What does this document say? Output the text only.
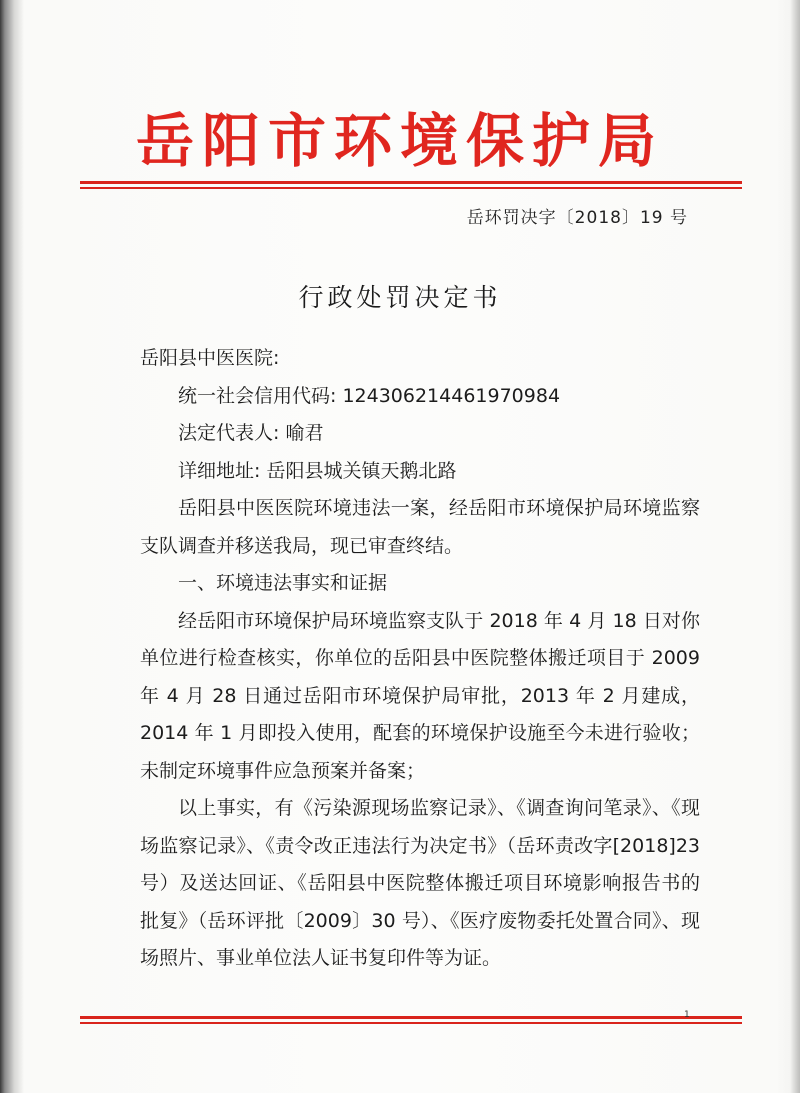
岳阳市环境保护局
岳环罚决字〔2018〕19 号
行政处罚决定书

岳阳县中医医院:

统一社会信用代码: 124306214461970984

法定代表人: 喻君

详细地址: 岳阳县城关镇天鹅北路

岳阳县中医医院环境违法一案，经岳阳市环境保护局环境监察支队调查并移送我局，现已审查终结。

一、环境违法事实和证据

经岳阳市环境保护局环境监察支队于 2018 年 4 月 18 日对你单位进行检查核实，你单位的岳阳县中医院整体搬迁项目于 2009 年 4 月 28 日通过岳阳市环境保护局审批，2013 年 2 月建成，2014 年 1 月即投入使用，配套的环境保护设施至今未进行验收；未制定环境事件应急预案并备案；

以上事实，有《污染源现场监察记录》、《调查询问笔录》、《现场监察记录》、《责令改正违法行为决定书》（岳环责改字[2018]23 号）及送达回证、《岳阳县中医院整体搬迁项目环境影响报告书的批复》（岳环评批〔2009〕30 号）、《医疗废物委托处置合同》、现场照片、事业单位法人证书复印件等为证。

1
